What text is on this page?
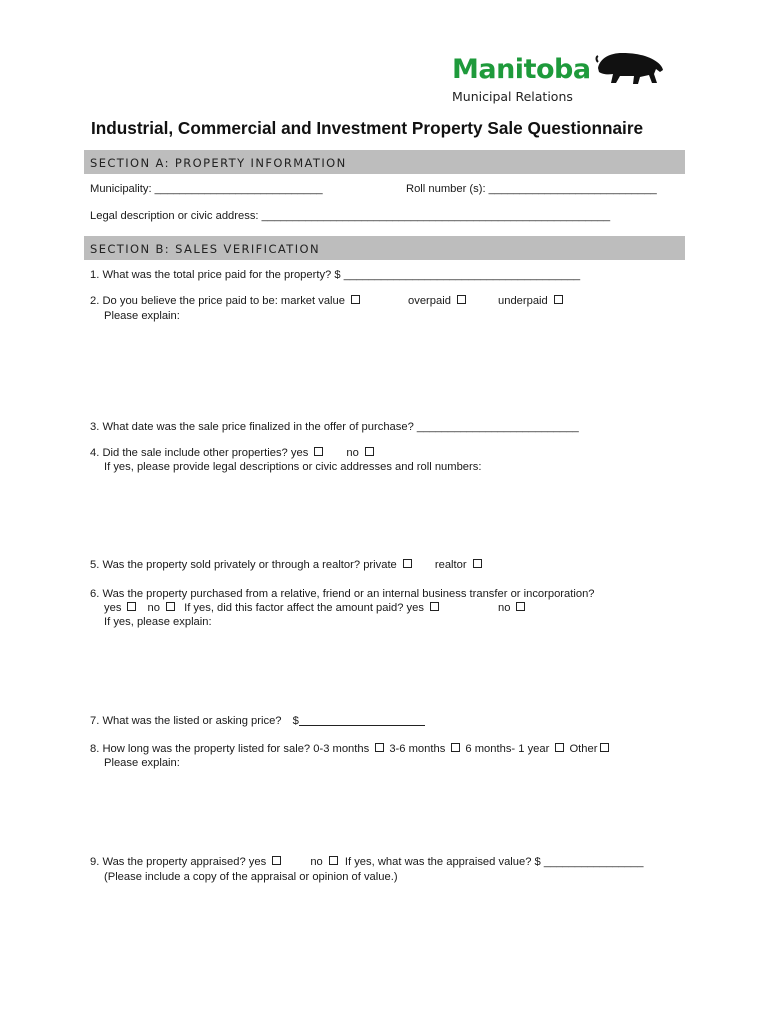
Manitoba
Municipal Relations
Industrial, Commercial and Investment Property Sale Questionnaire
SECTION A: PROPERTY INFORMATION
Municipality: ___________________________	Roll number (s): ___________________________
Legal description or civic address: ________________________________________________________
SECTION B: SALES VERIFICATION
1. What was the total price paid for the property? $ ______________________________________
2. Do you believe the price paid to be: market value	overpaid	underpaid
Please explain:
3. What date was the sale price finalized in the offer of purchase? __________________________
4. Did the sale include other properties? yes	no
If yes, please provide legal descriptions or civic addresses and roll numbers:
5. Was the property sold privately or through a realtor? private	realtor
6. Was the property purchased from a relative, friend or an internal business transfer or incorporation?
yes no If yes, did this factor affect the amount paid? yes	no
If yes, please explain:
7. What was the listed or asking price? $
8. How long was the property listed for sale? 0-3 months 3-6 months 6 months- 1 year Other
Please explain:
9. Was the property appraised? yes	no If yes, what was the appraised value? $ ________________
(Please include a copy of the appraisal or opinion of value.)
